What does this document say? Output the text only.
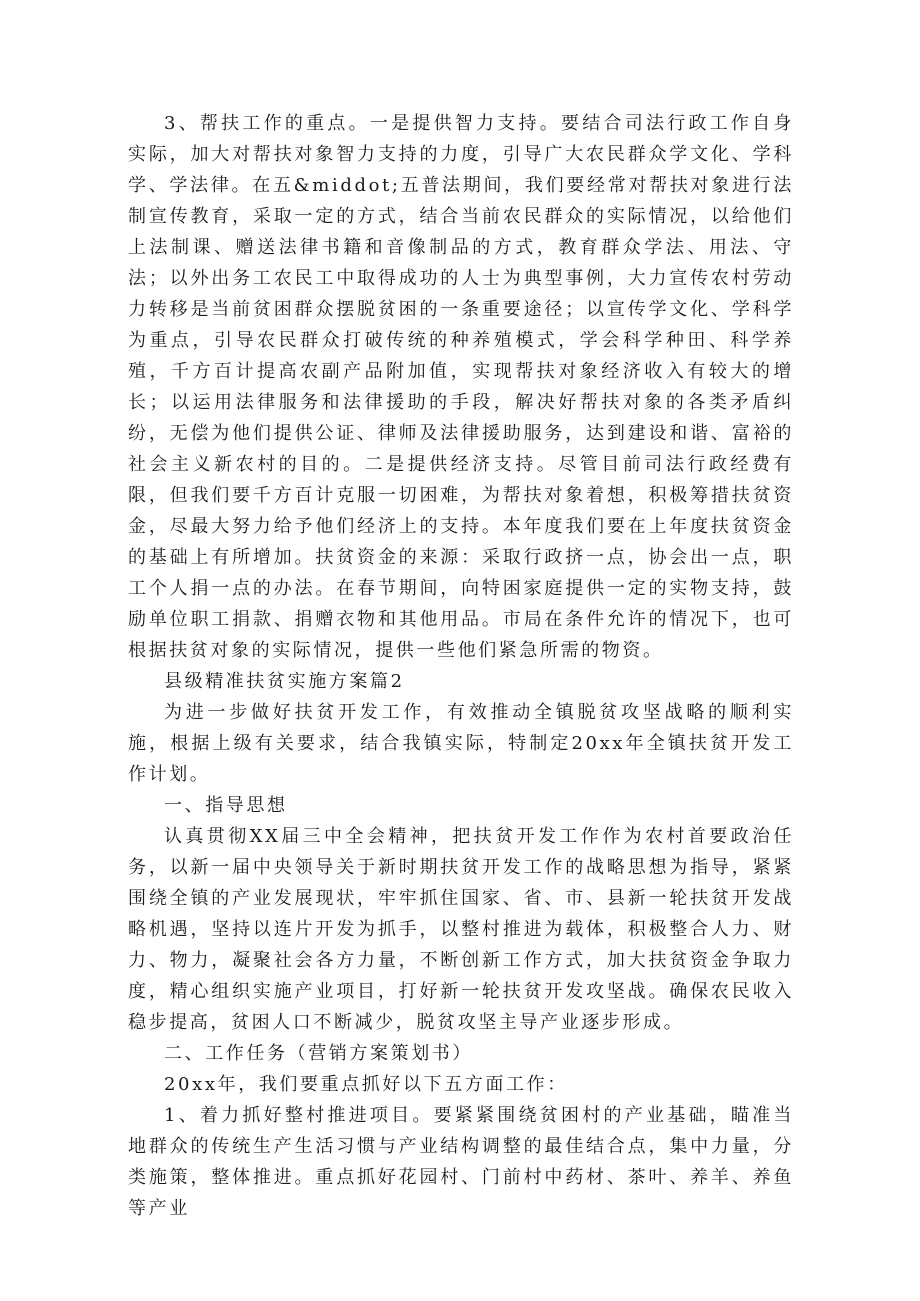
3、帮扶工作的重点。一是提供智力支持。要结合司法行政工作自身实际，加大对帮扶对象智力支持的力度，引导广大农民群众学文化、学科学、学法律。在五&middot;五普法期间，我们要经常对帮扶对象进行法制宣传教育，采取一定的方式，结合当前农民群众的实际情况，以给他们上法制课、赠送法律书籍和音像制品的方式，教育群众学法、用法、守法；以外出务工农民工中取得成功的人士为典型事例，大力宣传农村劳动力转移是当前贫困群众摆脱贫困的一条重要途径；以宣传学文化、学科学为重点，引导农民群众打破传统的种养殖模式，学会科学种田、科学养殖，千方百计提高农副产品附加值，实现帮扶对象经济收入有较大的增长；以运用法律服务和法律援助的手段，解决好帮扶对象的各类矛盾纠纷，无偿为他们提供公证、律师及法律援助服务，达到建设和谐、富裕的社会主义新农村的目的。二是提供经济支持。尽管目前司法行政经费有限，但我们要千方百计克服一切困难，为帮扶对象着想，积极筹措扶贫资金，尽最大努力给予他们经济上的支持。本年度我们要在上年度扶贫资金的基础上有所增加。扶贫资金的来源：采取行政挤一点，协会出一点，职工个人捐一点的办法。在春节期间，向特困家庭提供一定的实物支持，鼓励单位职工捐款、捐赠衣物和其他用品。市局在条件允许的情况下，也可根据扶贫对象的实际情况，提供一些他们紧急所需的物资。

县级精准扶贫实施方案篇2

为进一步做好扶贫开发工作，有效推动全镇脱贫攻坚战略的顺利实施，根据上级有关要求，结合我镇实际，特制定20xx年全镇扶贫开发工作计划。

一、指导思想

认真贯彻XX届三中全会精神，把扶贫开发工作作为农村首要政治任务，以新一届中央领导关于新时期扶贫开发工作的战略思想为指导，紧紧围绕全镇的产业发展现状，牢牢抓住国家、省、市、县新一轮扶贫开发战略机遇，坚持以连片开发为抓手，以整村推进为载体，积极整合人力、财力、物力，凝聚社会各方力量，不断创新工作方式，加大扶贫资金争取力度，精心组织实施产业项目，打好新一轮扶贫开发攻坚战。确保农民收入稳步提高，贫困人口不断减少，脱贫攻坚主导产业逐步形成。

二、工作任务（营销方案策划书）

20xx年，我们要重点抓好以下五方面工作：

1、着力抓好整村推进项目。要紧紧围绕贫困村的产业基础，瞄准当地群众的传统生产生活习惯与产业结构调整的最佳结合点，集中力量，分类施策，整体推进。重点抓好花园村、门前村中药材、茶叶、养羊、养鱼等产业
